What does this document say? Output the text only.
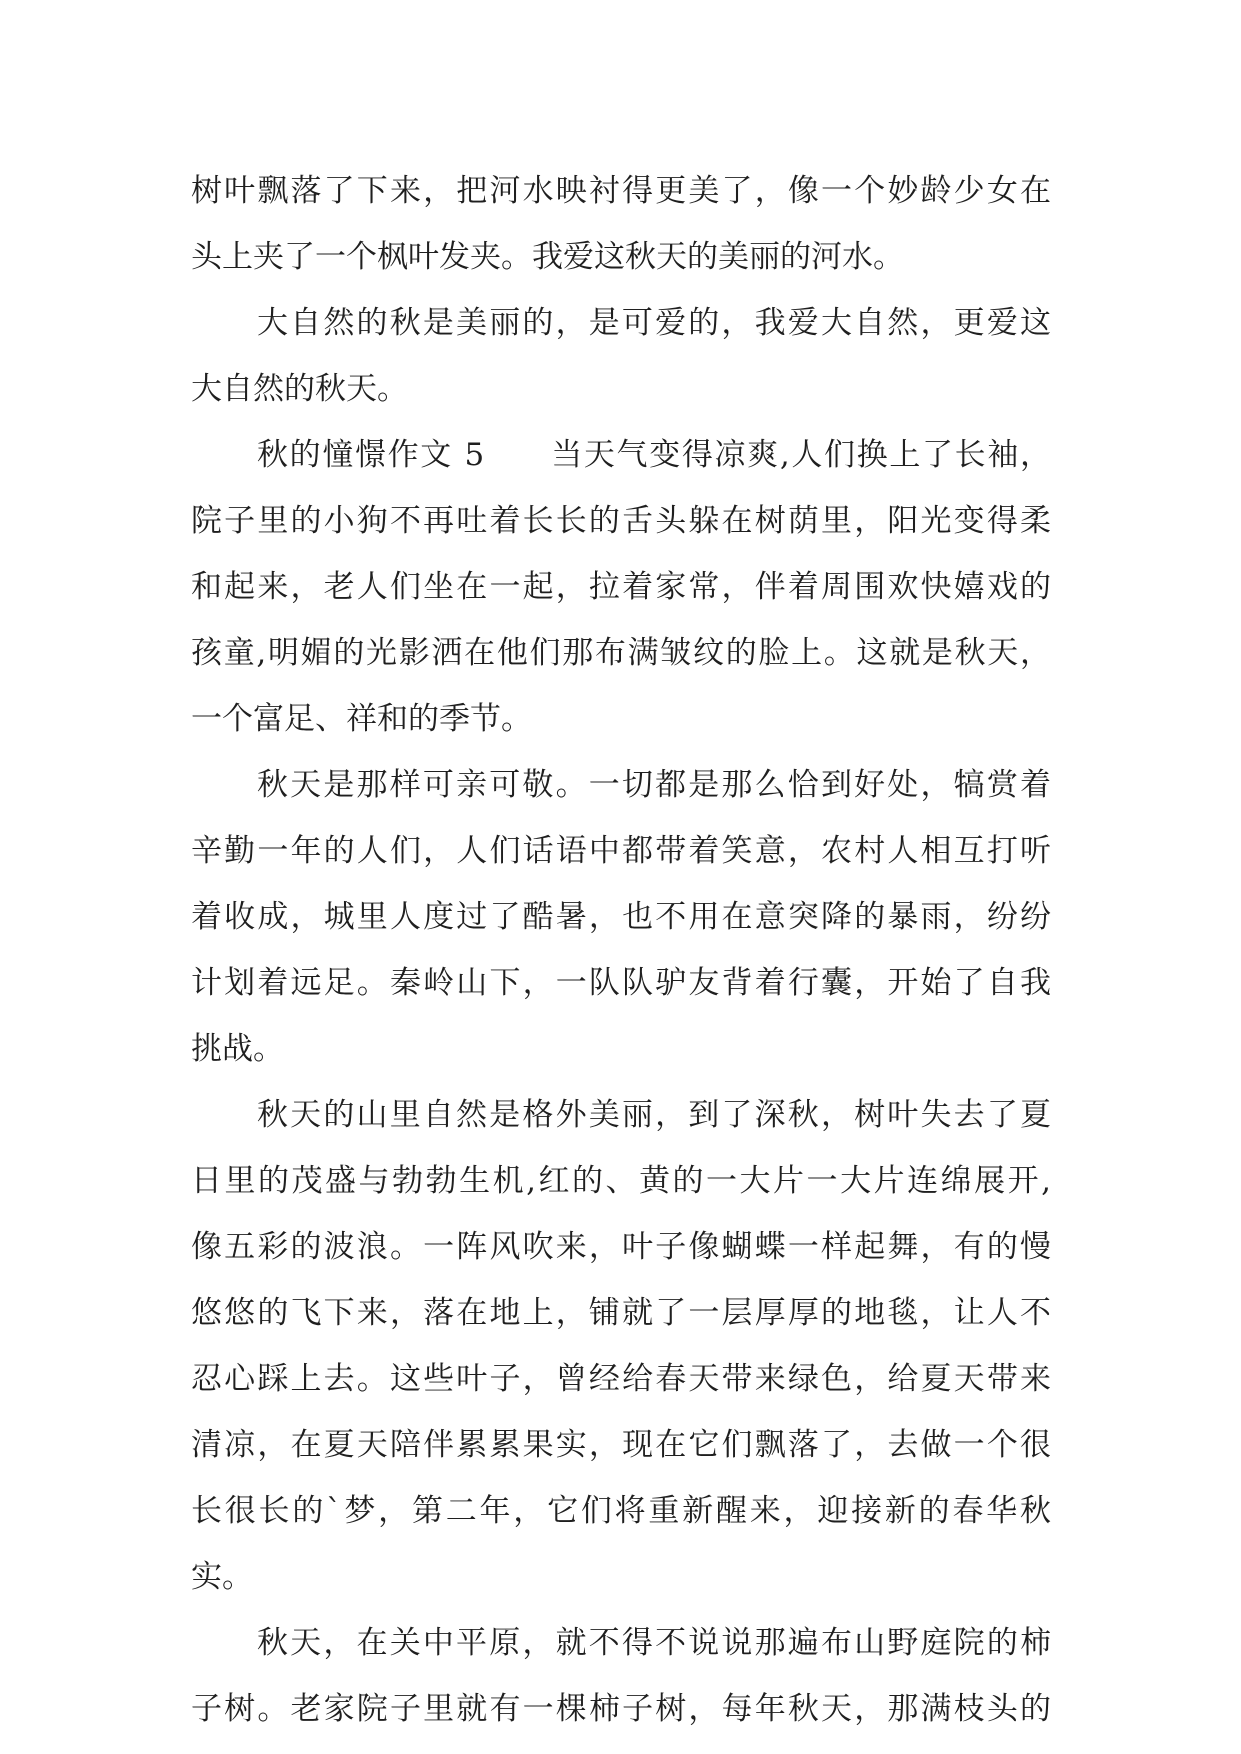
树叶飘落了下来，把河水映衬得更美了，像一个妙龄少女在
头上夹了一个枫叶发夹。我爱这秋天的美丽的河水。
大自然的秋是美丽的，是可爱的，我爱大自然，更爱这
大自然的秋天。
秋的憧憬作文 5　　当天气变得凉爽,人们换上了长袖，
院子里的小狗不再吐着长长的舌头躲在树荫里，阳光变得柔
和起来，老人们坐在一起，拉着家常，伴着周围欢快嬉戏的
孩童,明媚的光影洒在他们那布满皱纹的脸上。这就是秋天，
一个富足、祥和的季节。
秋天是那样可亲可敬。一切都是那么恰到好处，犒赏着
辛勤一年的人们，人们话语中都带着笑意，农村人相互打听
着收成，城里人度过了酷暑，也不用在意突降的暴雨，纷纷
计划着远足。秦岭山下，一队队驴友背着行囊，开始了自我
挑战。
秋天的山里自然是格外美丽，到了深秋，树叶失去了夏
日里的茂盛与勃勃生机,红的、黄的一大片一大片连绵展开,
像五彩的波浪。一阵风吹来，叶子像蝴蝶一样起舞，有的慢
悠悠的飞下来，落在地上，铺就了一层厚厚的地毯，让人不
忍心踩上去。这些叶子，曾经给春天带来绿色，给夏天带来
清凉，在夏天陪伴累累果实，现在它们飘落了，去做一个很
长很长的`梦，第二年，它们将重新醒来，迎接新的春华秋
实。
秋天，在关中平原，就不得不说说那遍布山野庭院的柿
子树。老家院子里就有一棵柿子树，每年秋天，那满枝头的
